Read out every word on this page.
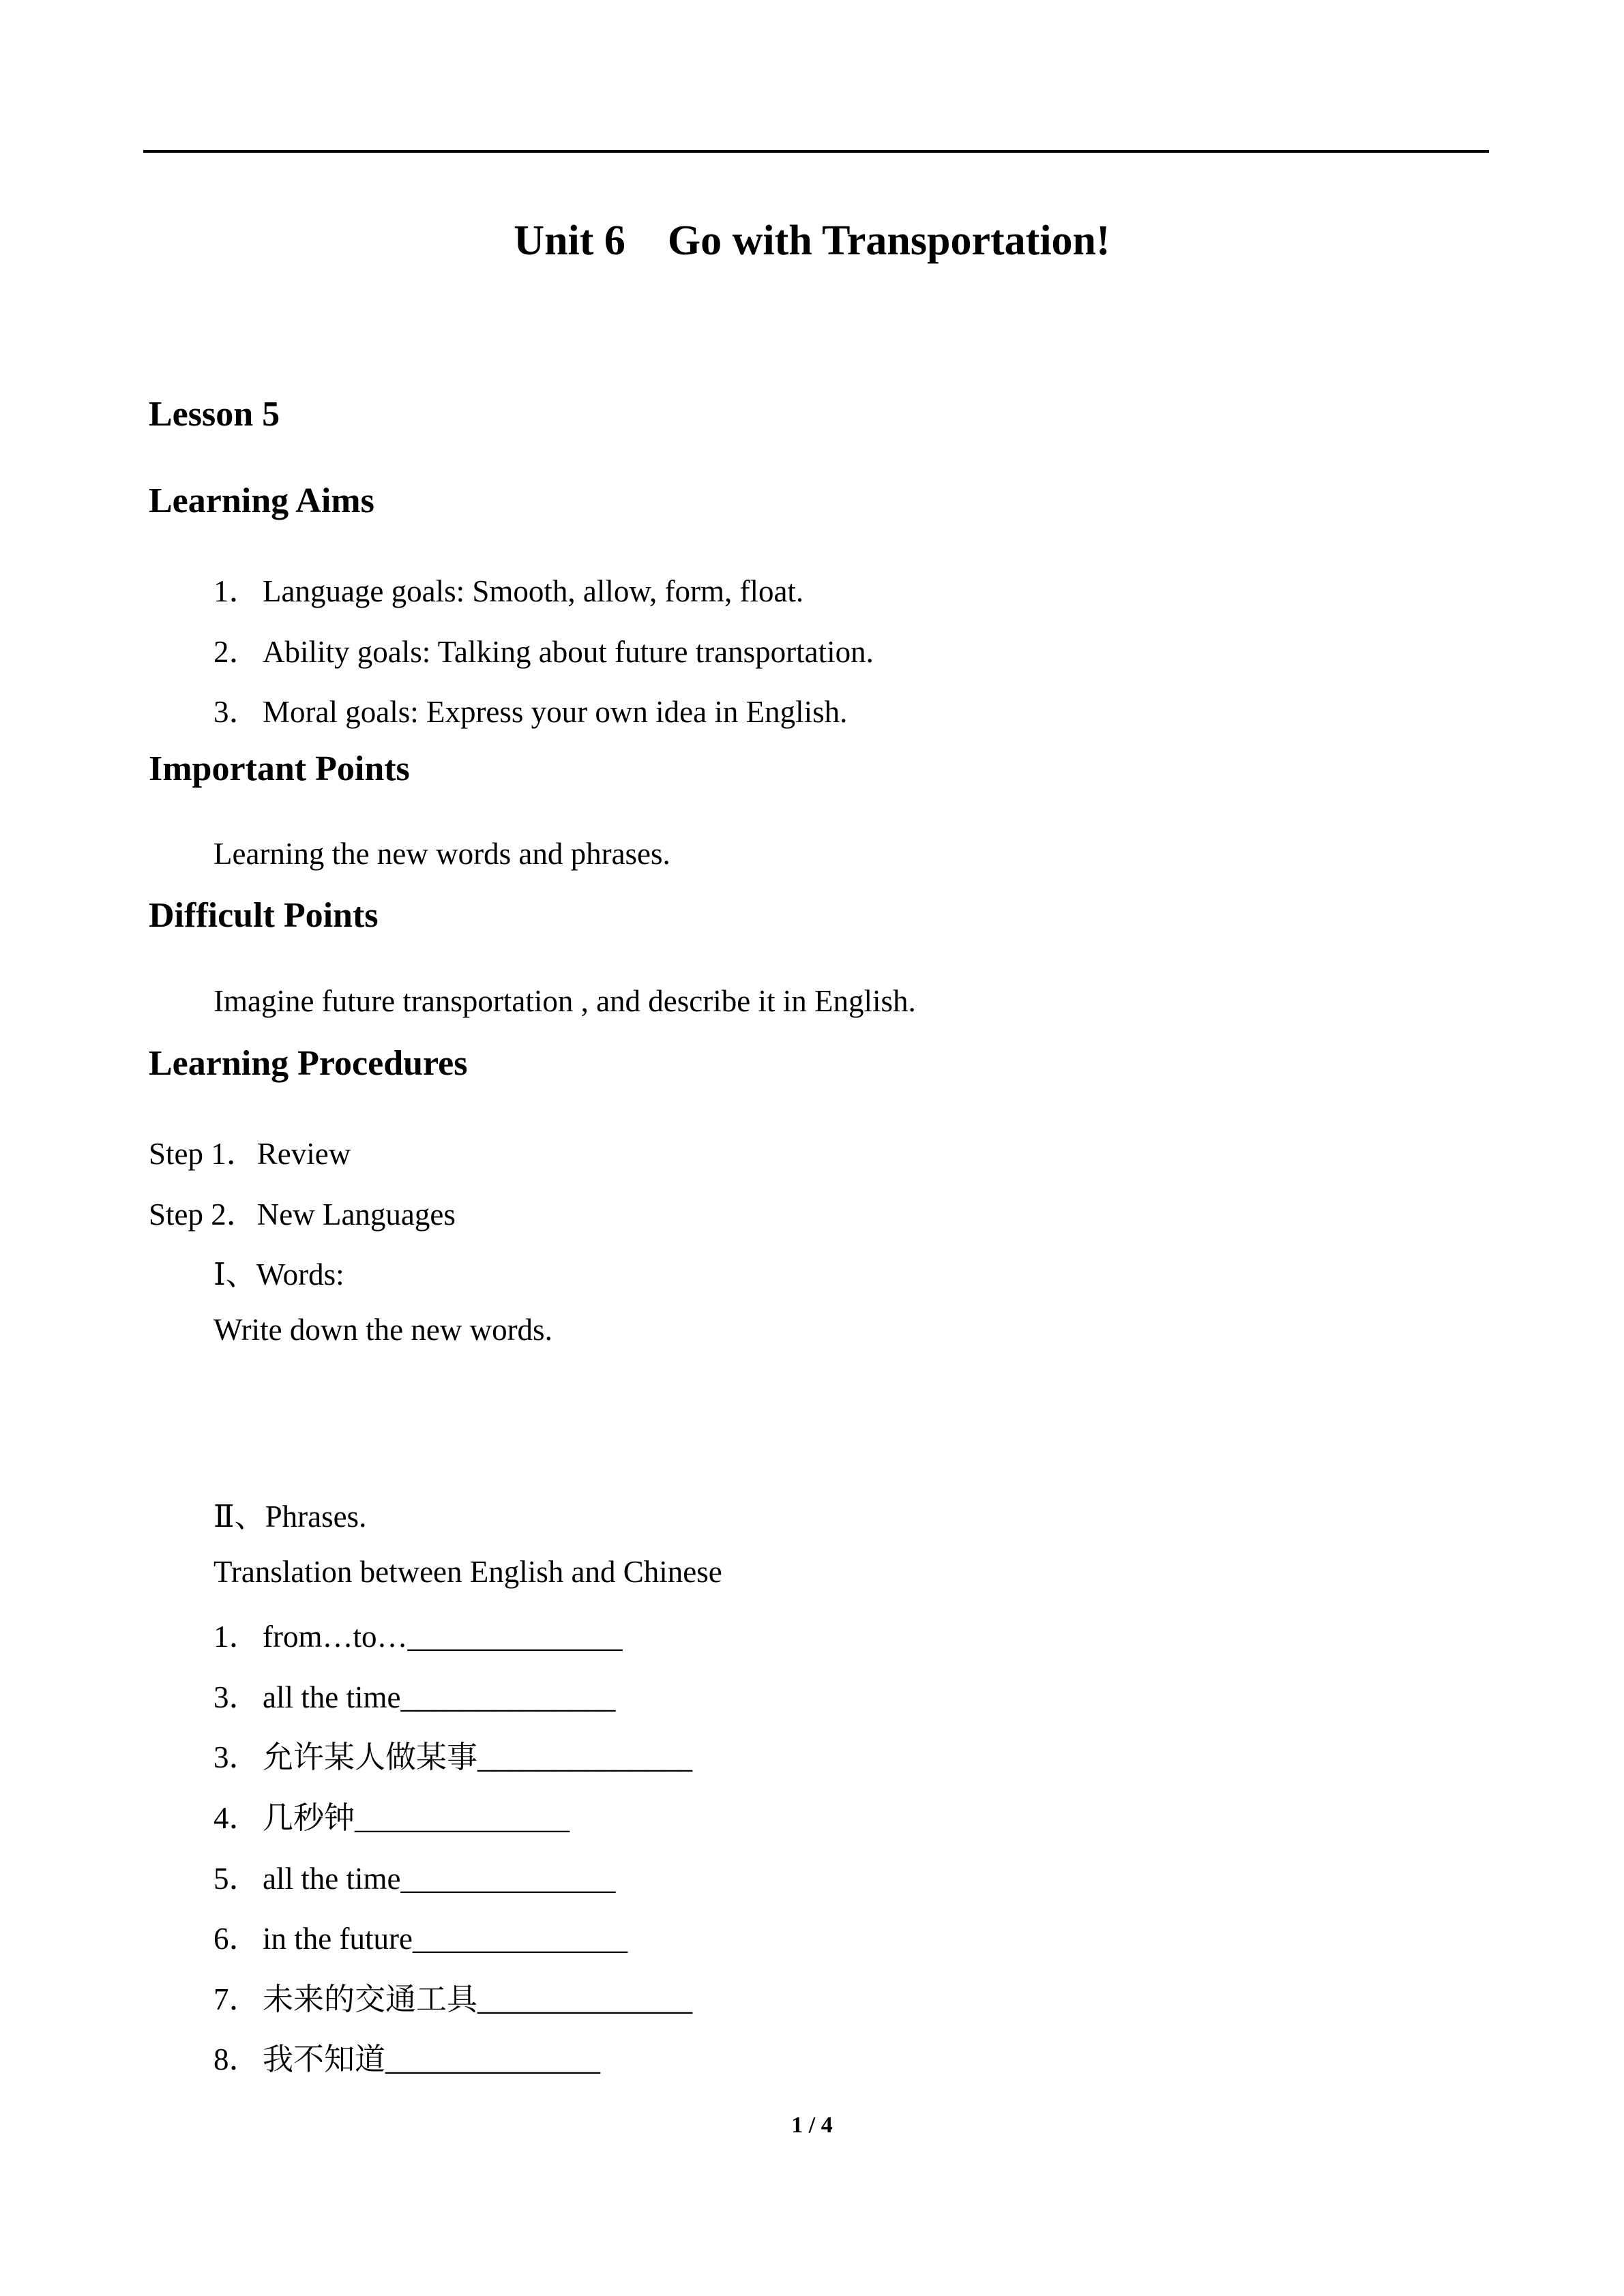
Unit 6    Go with Transportation!
Lesson 5
Learning Aims
1．Language goals: Smooth, allow, form, float.
2．Ability goals: Talking about future transportation.
3．Moral goals: Express your own idea in English.
Important Points
Learning the new words and phrases.
Difficult Points
Imagine future transportation , and describe it in English.
Learning Procedures
Step 1．Review
Step 2．New Languages
Ⅰ、Words:
Write down the new words.
Ⅱ、Phrases.
Translation between English and Chinese
1．from…to…______________
3．all the time______________
3．允许某人做某事______________
4．几秒钟______________
5．all the time______________
6．in the future______________
7．未来的交通工具______________
8．我不知道______________
1 / 4
